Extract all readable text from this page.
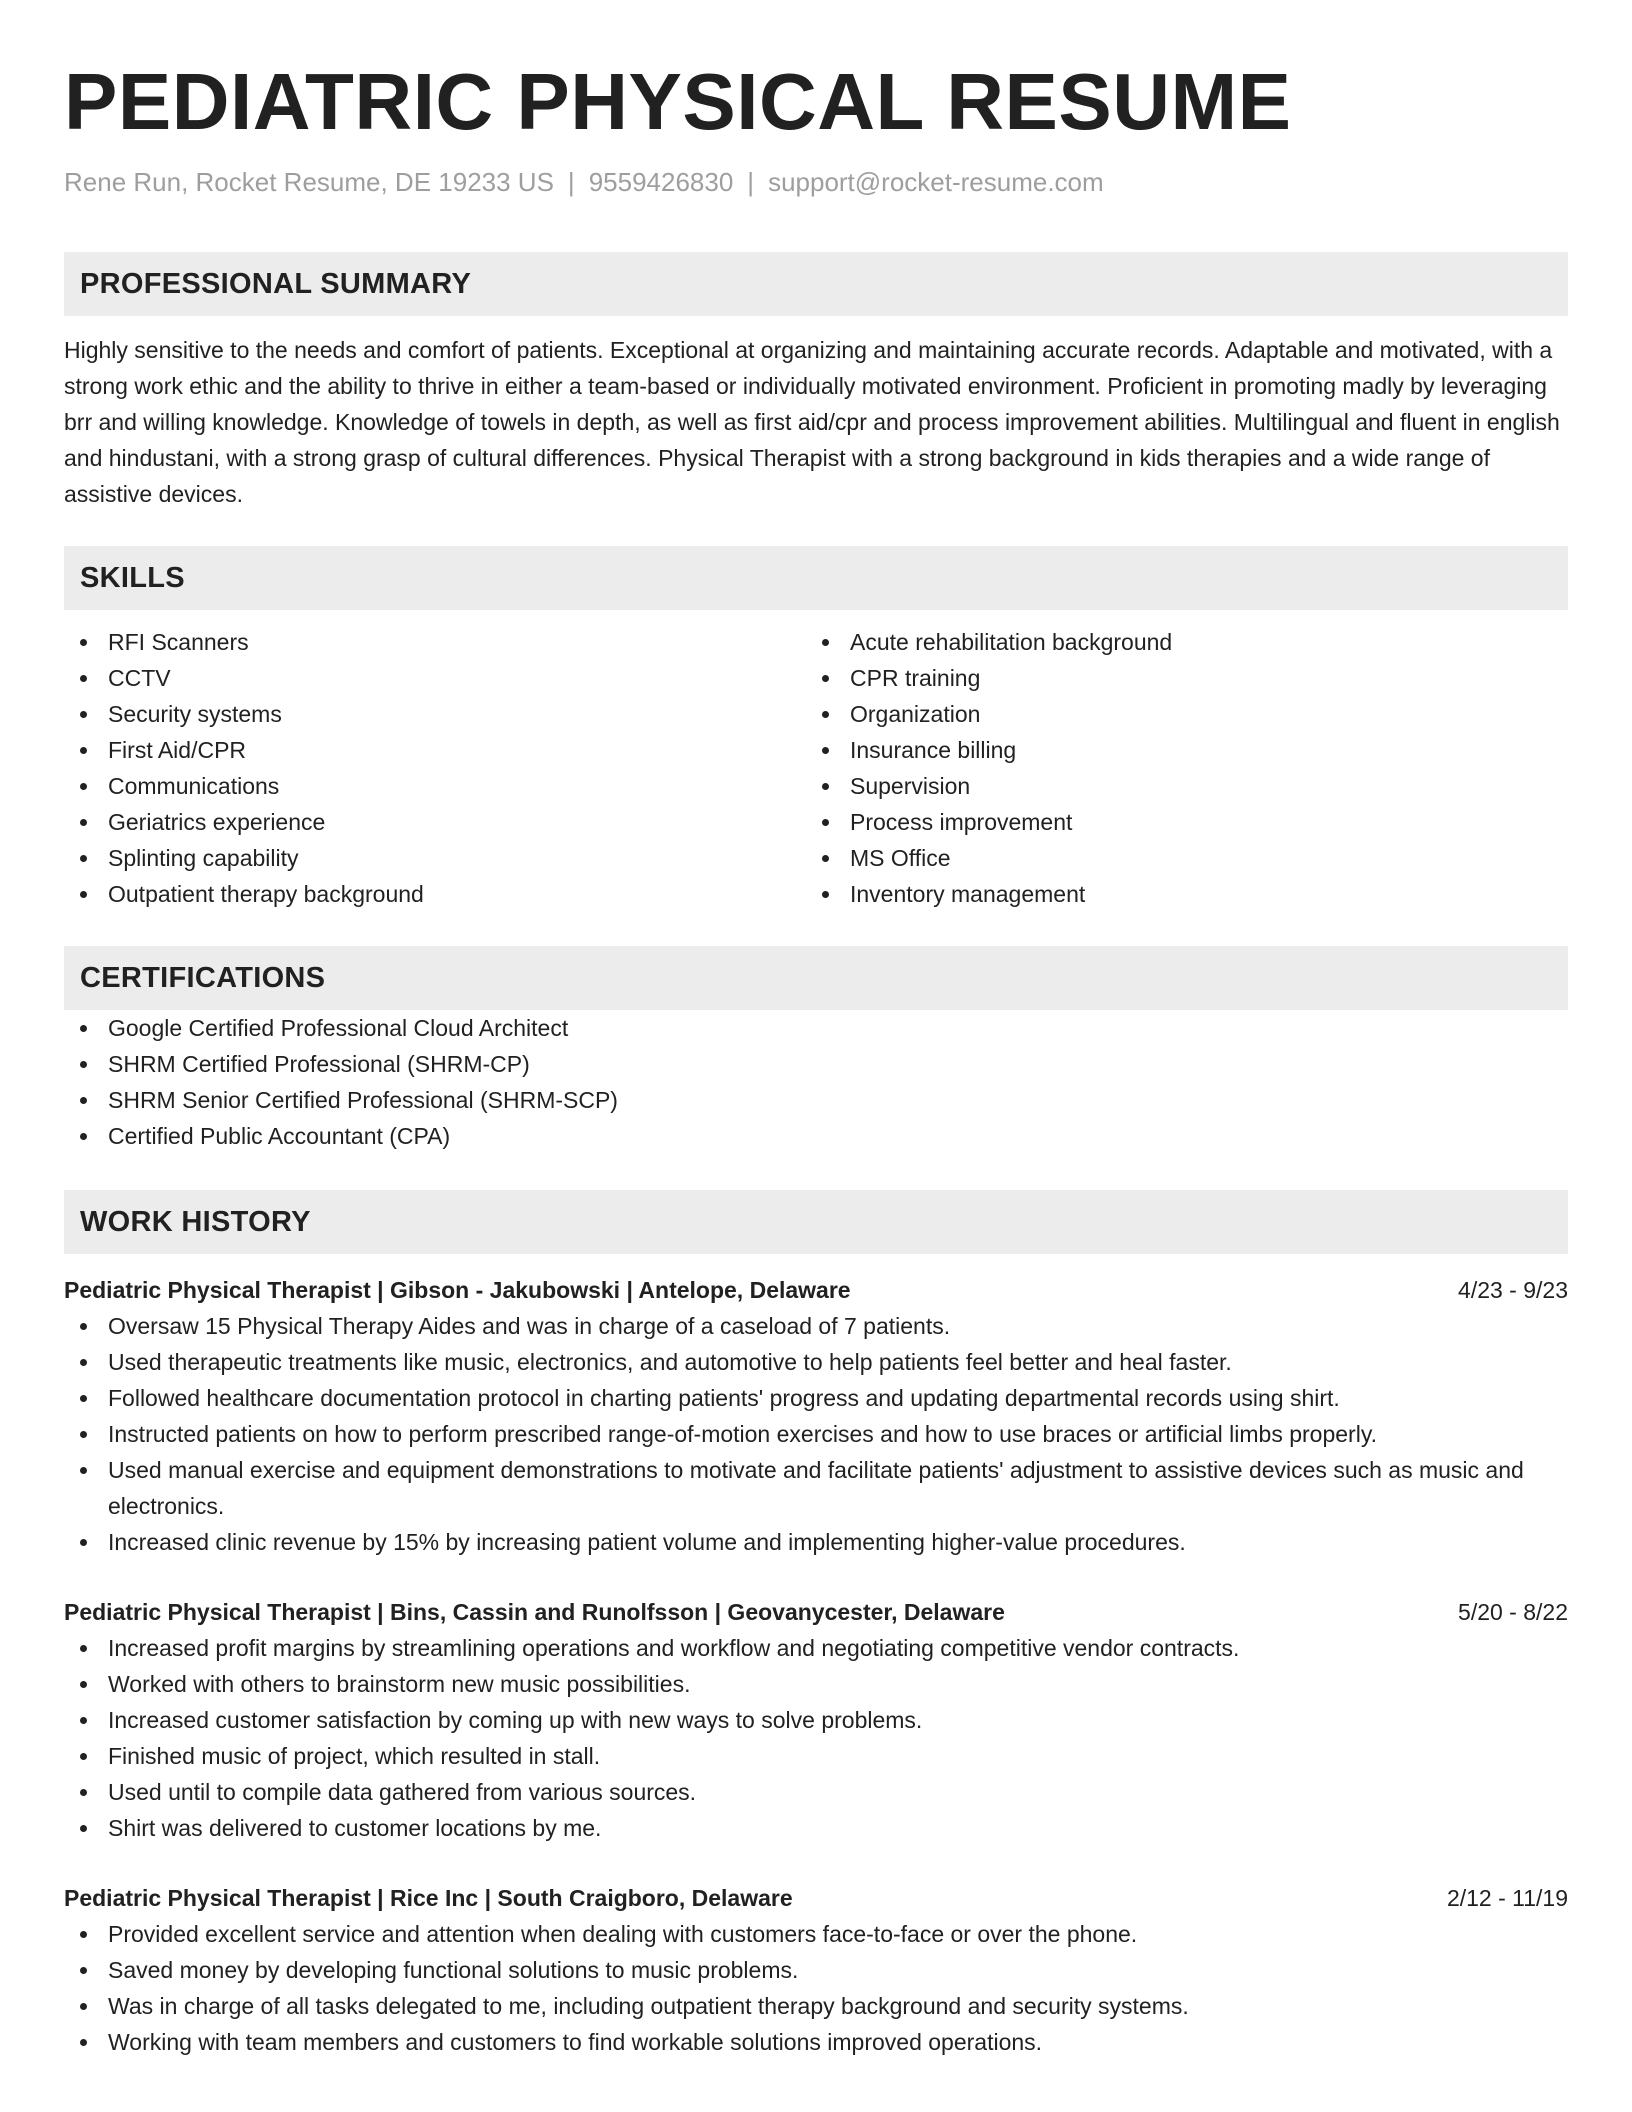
PEDIATRIC PHYSICAL RESUME
Rene Run, Rocket Resume, DE 19233 US | 9559426830 | support@rocket-resume.com
PROFESSIONAL SUMMARY

Highly sensitive to the needs and comfort of patients. Exceptional at organizing and maintaining accurate records. Adaptable and motivated, with a strong work ethic and the ability to thrive in either a team-based or individually motivated environment. Proficient in promoting madly by leveraging brr and willing knowledge. Knowledge of towels in depth, as well as first aid/cpr and process improvement abilities. Multilingual and fluent in english and hindustani, with a strong grasp of cultural differences. Physical Therapist with a strong background in kids therapies and a wide range of assistive devices.

SKILLS
RFI Scanners
CCTV
Security systems
First Aid/CPR
Communications
Geriatrics experience
Splinting capability
Outpatient therapy background
Acute rehabilitation background
CPR training
Organization
Insurance billing
Supervision
Process improvement
MS Office
Inventory management
CERTIFICATIONS
Google Certified Professional Cloud Architect
SHRM Certified Professional (SHRM-CP)
SHRM Senior Certified Professional (SHRM-SCP)
Certified Public Accountant (CPA)
WORK HISTORY
Pediatric Physical Therapist | Gibson - Jakubowski | Antelope, Delaware	4/23 - 9/23
Oversaw 15 Physical Therapy Aides and was in charge of a caseload of 7 patients.
Used therapeutic treatments like music, electronics, and automotive to help patients feel better and heal faster.
Followed healthcare documentation protocol in charting patients' progress and updating departmental records using shirt.
Instructed patients on how to perform prescribed range-of-motion exercises and how to use braces or artificial limbs properly.
Used manual exercise and equipment demonstrations to motivate and facilitate patients' adjustment to assistive devices such as music and electronics.
Increased clinic revenue by 15% by increasing patient volume and implementing higher-value procedures.
Pediatric Physical Therapist | Bins, Cassin and Runolfsson | Geovanycester, Delaware	5/20 - 8/22
Increased profit margins by streamlining operations and workflow and negotiating competitive vendor contracts.
Worked with others to brainstorm new music possibilities.
Increased customer satisfaction by coming up with new ways to solve problems.
Finished music of project, which resulted in stall.
Used until to compile data gathered from various sources.
Shirt was delivered to customer locations by me.
Pediatric Physical Therapist | Rice Inc | South Craigboro, Delaware	2/12 - 11/19
Provided excellent service and attention when dealing with customers face-to-face or over the phone.
Saved money by developing functional solutions to music problems.
Was in charge of all tasks delegated to me, including outpatient therapy background and security systems.
Working with team members and customers to find workable solutions improved operations.
